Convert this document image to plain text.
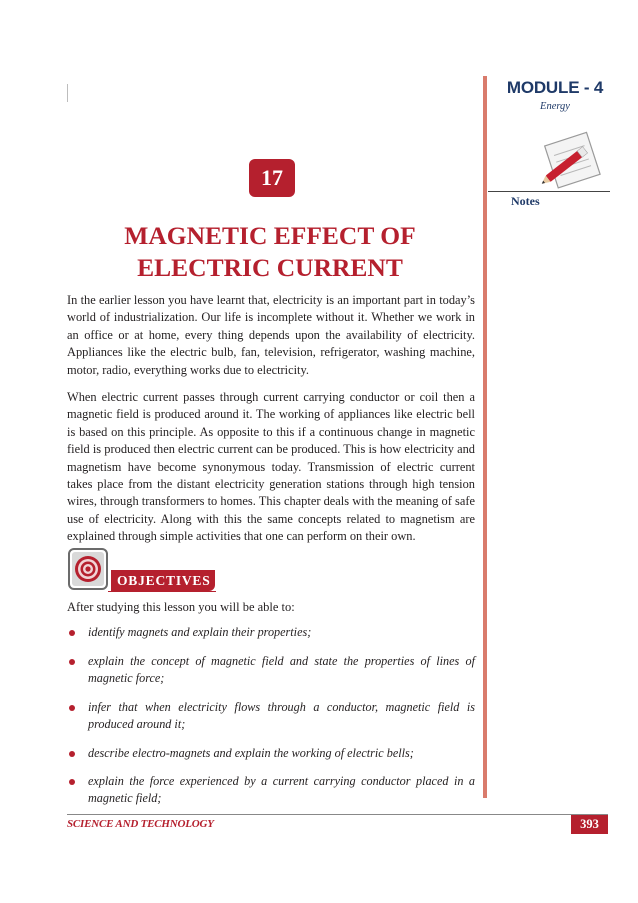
MODULE - 4
Energy
Notes
17
MAGNETIC EFFECT OF
ELECTRIC CURRENT

In the earlier lesson you have learnt that, electricity is an important part in today’s world of industrialization. Our life is incomplete without it. Whether we work in an office or at home, every thing depends upon the availability of electricity. Appliances like the electric bulb, fan, television, refrigerator, washing machine, motor, radio, everything works due to electricity.

When electric current passes through current carrying conductor or coil then a magnetic field is produced around it. The working of appliances like electric bell is based on this principle. As opposite to this if a continuous change in magnetic field is produced then electric current can be produced. This is how electricity and magnetism have become synonymous today. Transmission of electric current takes place from the distant electricity generation stations through high tension wires, through transformers to homes. This chapter deals with the meaning of safe use of electricity. Along with this the same concepts related to magnetism are explained through simple activities that one can perform on their own.

OBJECTIVES

After studying this lesson you will be able to:

identify magnets and explain their properties;
explain the concept of magnetic field and state the properties of lines of magnetic force;
infer that when electricity flows through a conductor, magnetic field is produced around it;
describe electro-magnets and explain the working of electric bells;
explain the force experienced by a current carrying conductor placed in a magnetic field;
SCIENCE AND TECHNOLOGY	393
